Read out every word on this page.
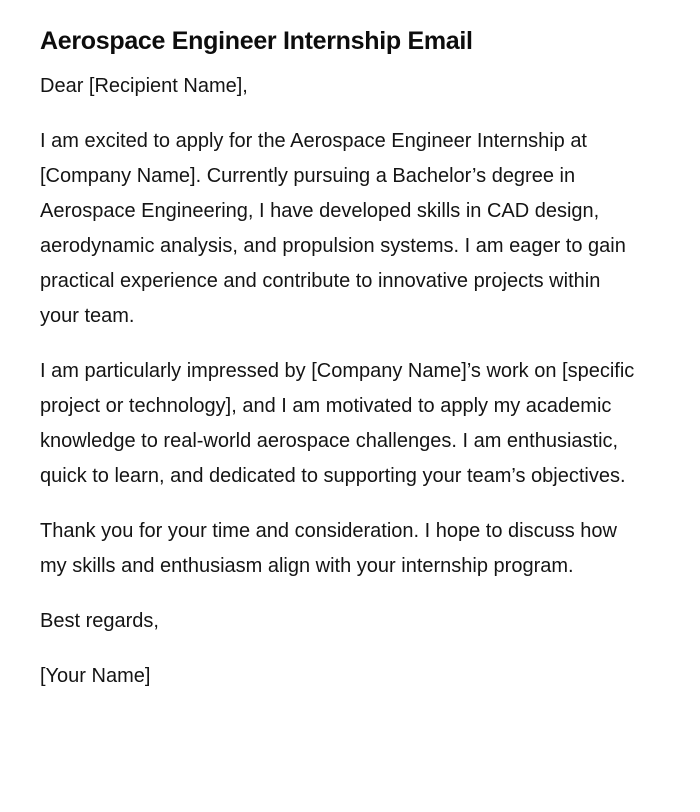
Aerospace Engineer Internship Email

Dear [Recipient Name],

I am excited to apply for the Aerospace Engineer Internship at [Company Name]. Currently pursuing a Bachelor’s degree in Aerospace Engineering, I have developed skills in CAD design, aerodynamic analysis, and propulsion systems. I am eager to gain practical experience and contribute to innovative projects within your team.

I am particularly impressed by [Company Name]’s work on [specific project or technology], and I am motivated to apply my academic knowledge to real-world aerospace challenges. I am enthusiastic, quick to learn, and dedicated to supporting your team’s objectives.

Thank you for your time and consideration. I hope to discuss how my skills and enthusiasm align with your internship program.

Best regards,

[Your Name]
